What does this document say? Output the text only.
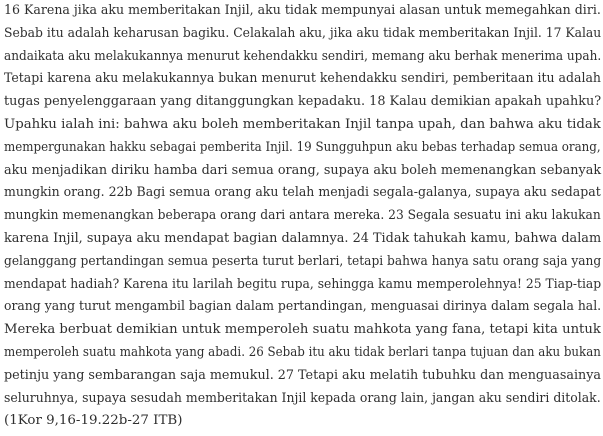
16 Karena jika aku memberitakan Injil, aku tidak mempunyai alasan untuk memegahkan diri.
Sebab itu adalah keharusan bagiku. Celakalah aku, jika aku tidak memberitakan Injil. 17 Kalau
andaikata aku melakukannya menurut kehendakku sendiri, memang aku berhak menerima upah.
Tetapi karena aku melakukannya bukan menurut kehendakku sendiri, pemberitaan itu adalah
tugas penyelenggaraan yang ditanggungkan kepadaku. 18 Kalau demikian apakah upahku?
Upahku ialah ini: bahwa aku boleh memberitakan Injil tanpa upah, dan bahwa aku tidak
mempergunakan hakku sebagai pemberita Injil. 19 Sungguhpun aku bebas terhadap semua orang,
aku menjadikan diriku hamba dari semua orang, supaya aku boleh memenangkan sebanyak
mungkin orang. 22b Bagi semua orang aku telah menjadi segala-galanya, supaya aku sedapat
mungkin memenangkan beberapa orang dari antara mereka. 23 Segala sesuatu ini aku lakukan
karena Injil, supaya aku mendapat bagian dalamnya. 24 Tidak tahukah kamu, bahwa dalam
gelanggang pertandingan semua peserta turut berlari, tetapi bahwa hanya satu orang saja yang
mendapat hadiah? Karena itu larilah begitu rupa, sehingga kamu memperolehnya! 25 Tiap-tiap
orang yang turut mengambil bagian dalam pertandingan, menguasai dirinya dalam segala hal.
Mereka berbuat demikian untuk memperoleh suatu mahkota yang fana, tetapi kita untuk
memperoleh suatu mahkota yang abadi. 26 Sebab itu aku tidak berlari tanpa tujuan dan aku bukan
petinju yang sembarangan saja memukul. 27 Tetapi aku melatih tubuhku dan menguasainya
seluruhnya, supaya sesudah memberitakan Injil kepada orang lain, jangan aku sendiri ditolak.
(1Kor 9,16-19.22b-27 ITB)
